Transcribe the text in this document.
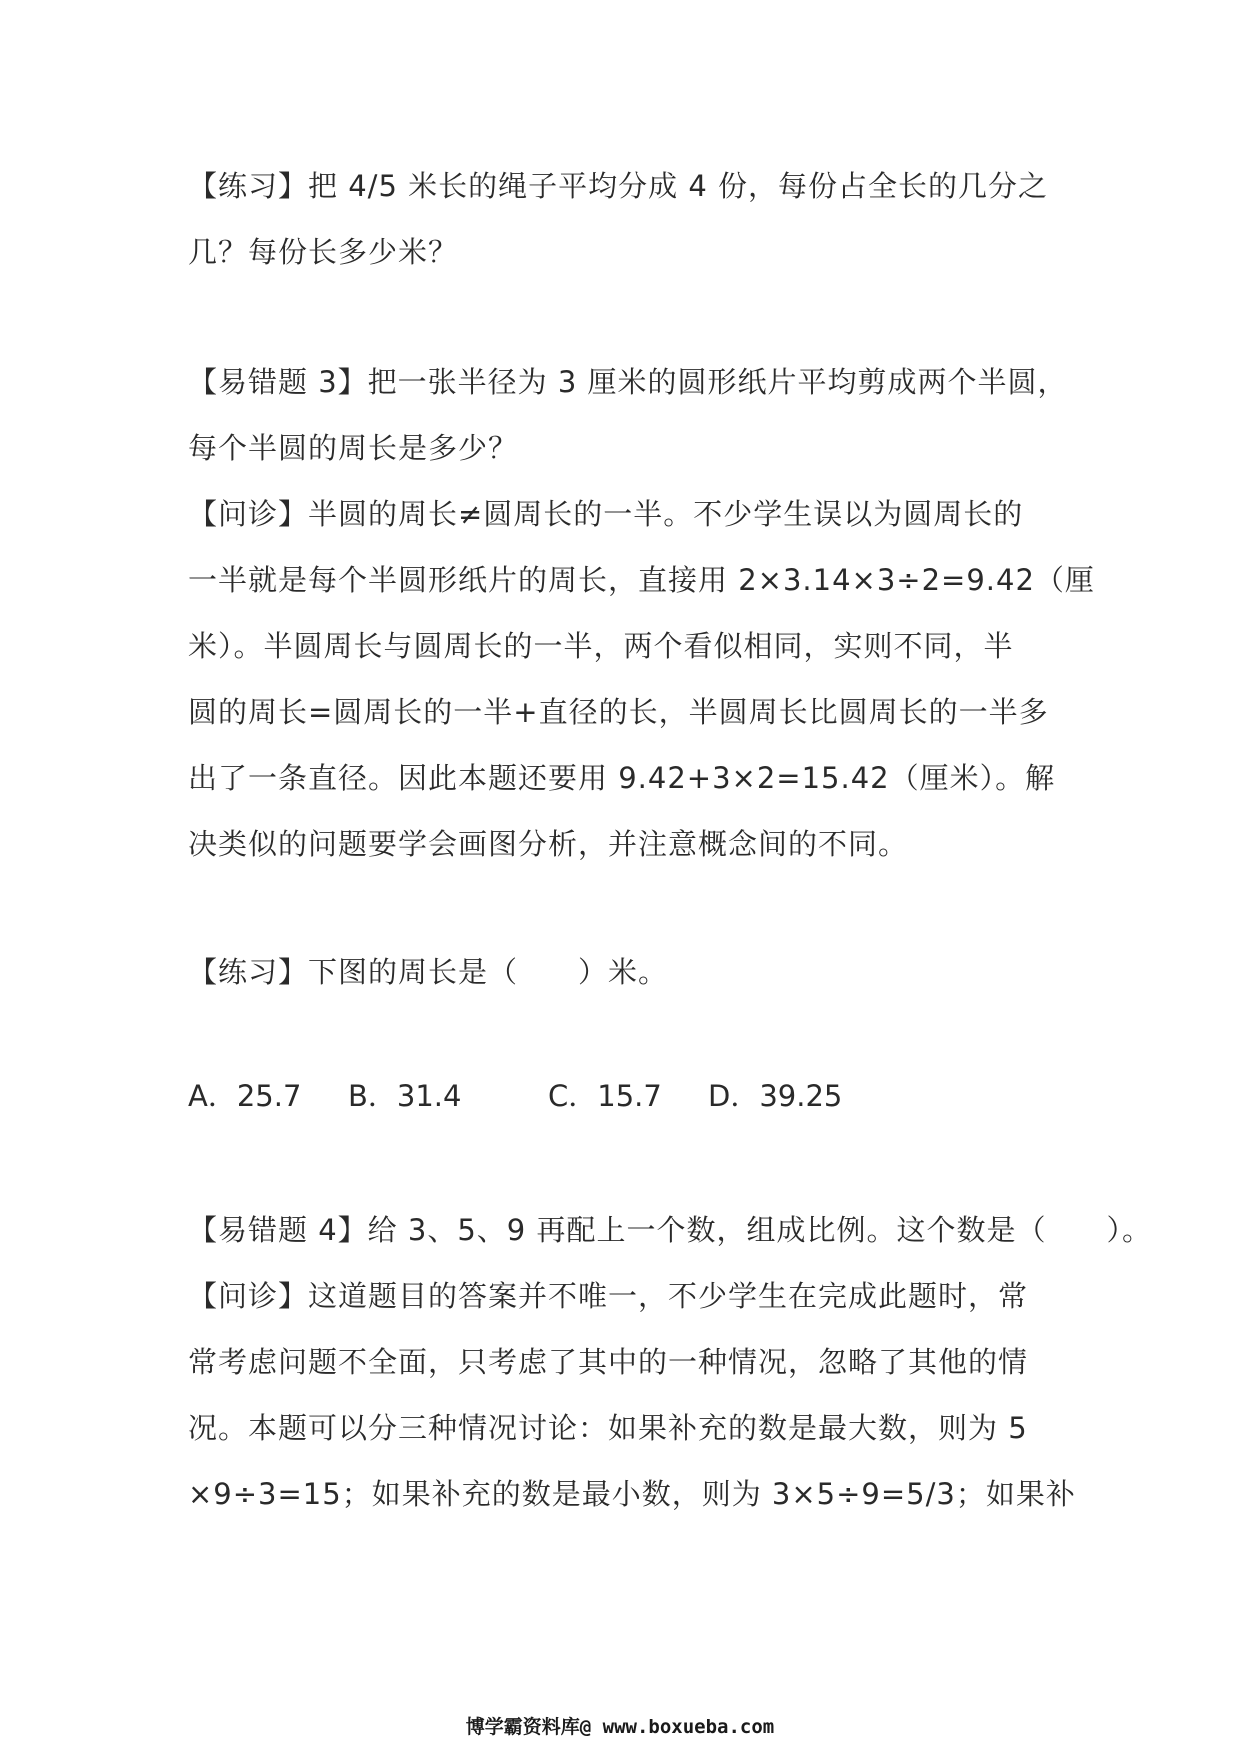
【练习】把 4/5 米长的绳子平均分成 4 份，每份占全长的几分之
几？每份长多少米？
【易错题 3】把一张半径为 3 厘米的圆形纸片平均剪成两个半圆，
每个半圆的周长是多少？
【问诊】半圆的周长≠圆周长的一半。不少学生误以为圆周长的
一半就是每个半圆形纸片的周长，直接用 2×3.14×3÷2=9.42（厘
米）。半圆周长与圆周长的一半，两个看似相同，实则不同，半
圆的周长=圆周长的一半+直径的长，半圆周长比圆周长的一半多
出了一条直径。因此本题还要用 9.42+3×2=15.42（厘米）。解
决类似的问题要学会画图分析，并注意概念间的不同。
【练习】下图的周长是（　　）米。
A．25.7 B．31.4	C．15.7 D．39.25
【易错题 4】给 3、5、9 再配上一个数，组成比例。这个数是（　　）。
【问诊】这道题目的答案并不唯一，不少学生在完成此题时，常
常考虑问题不全面，只考虑了其中的一种情况，忽略了其他的情
况。本题可以分三种情况讨论：如果补充的数是最大数，则为 5
×9÷3=15；如果补充的数是最小数，则为 3×5÷9=5/3；如果补
博学霸资料库@ www.boxueba.com
